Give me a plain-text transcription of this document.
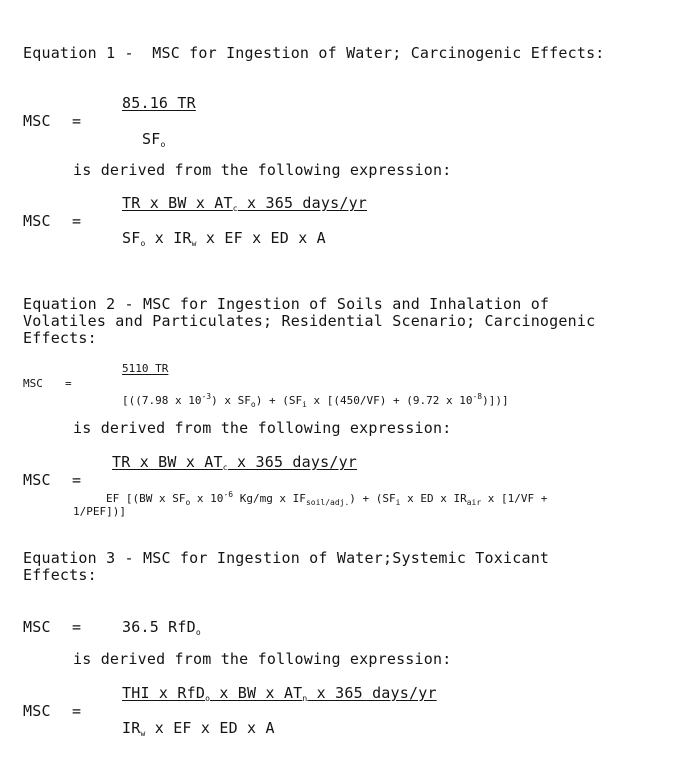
Equation 1 -  MSC for Ingestion of Water; Carcinogenic Effects:
MSC =
85.16 TR
$SF_o$
is derived from the following expression:
MSC =
TR x BW x $AT_c$ x 365 days/yr
$SF_o$ x $IR_w$ x EF x ED x A
Equation 2 - MSC for Ingestion of Soils and Inhalation of
Volatiles and Particulates; Residential Scenario; Carcinogenic
Effects:
MSC =
5110 TR
[((7.98 x $10^{-3}$) x $SF_o) + (SF_i$ x [(450/VF) + (9.72 x $10^{-8}$)])]
is derived from the following expression:
MSC =
TR x BW x $AT_c$ x 365 days/yr
EF [(BW x $SF_o$ x $10^{-6}$ Kg/mg x $IF_{soil/adj.}) + (SF_i$ x ED x $IR_{air}$ x [1/VF +
1/PEF])]
Equation 3 - MSC for Ingestion of Water;Systemic Toxicant
Effects:
MSC =	36.5 RfD$_o$
is derived from the following expression:
MSC =
THI x RfD$_o$ x BW x $AT_n$ x 365 days/yr
$IR_w$ x EF x ED x A
